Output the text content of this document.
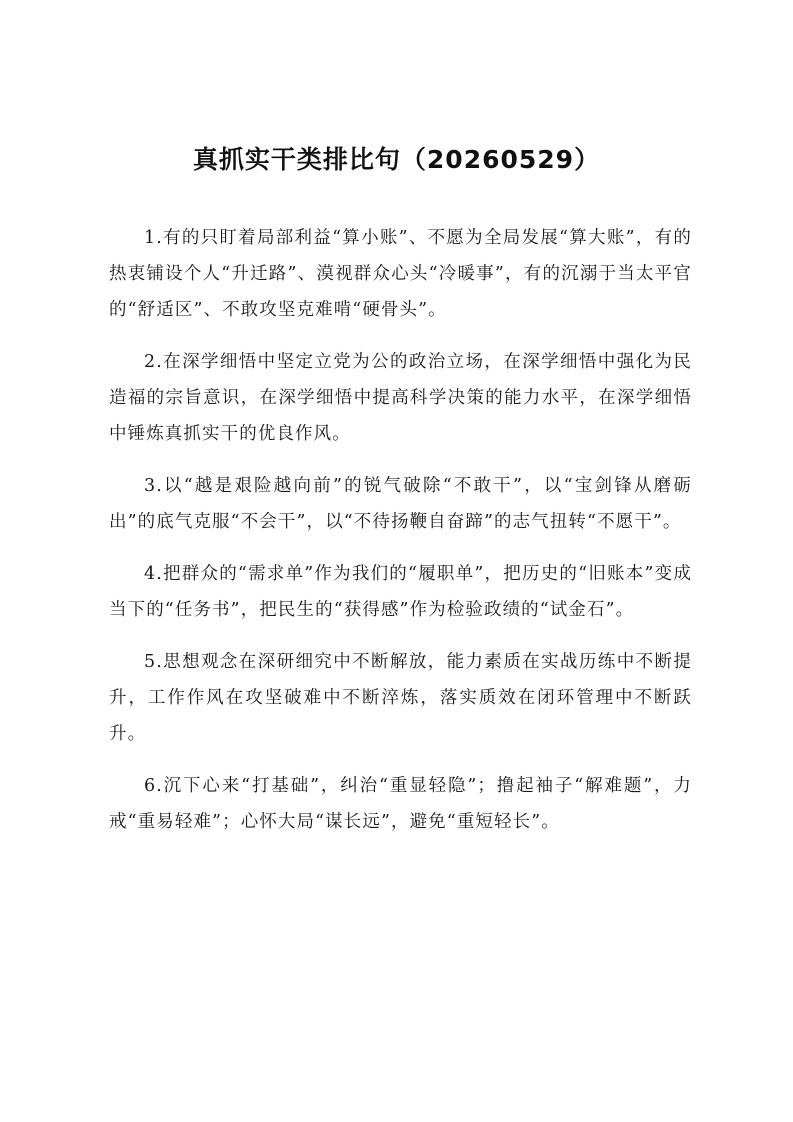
真抓实干类排比句（20260529）

1.有的只盯着局部利益“算小账”、不愿为全局发展“算大账”，有的热衷铺设个人“升迁路”、漠视群众心头“冷暖事”，有的沉溺于当太平官的“舒适区”、不敢攻坚克难啃“硬骨头”。

2.在深学细悟中坚定立党为公的政治立场，在深学细悟中强化为民造福的宗旨意识，在深学细悟中提高科学决策的能力水平，在深学细悟中锤炼真抓实干的优良作风。

3.以“越是艰险越向前”的锐气破除“不敢干”，以“宝剑锋从磨砺出”的底气克服“不会干”，以“不待扬鞭自奋蹄”的志气扭转“不愿干”。

4.把群众的“需求单”作为我们的“履职单”，把历史的“旧账本”变成当下的“任务书”，把民生的“获得感”作为检验政绩的“试金石”。

5.思想观念在深研细究中不断解放，能力素质在实战历练中不断提升，工作作风在攻坚破难中不断淬炼，落实质效在闭环管理中不断跃升。

6.沉下心来“打基础”，纠治“重显轻隐”；撸起袖子“解难题”，力戒“重易轻难”；心怀大局“谋长远”，避免“重短轻长”。
